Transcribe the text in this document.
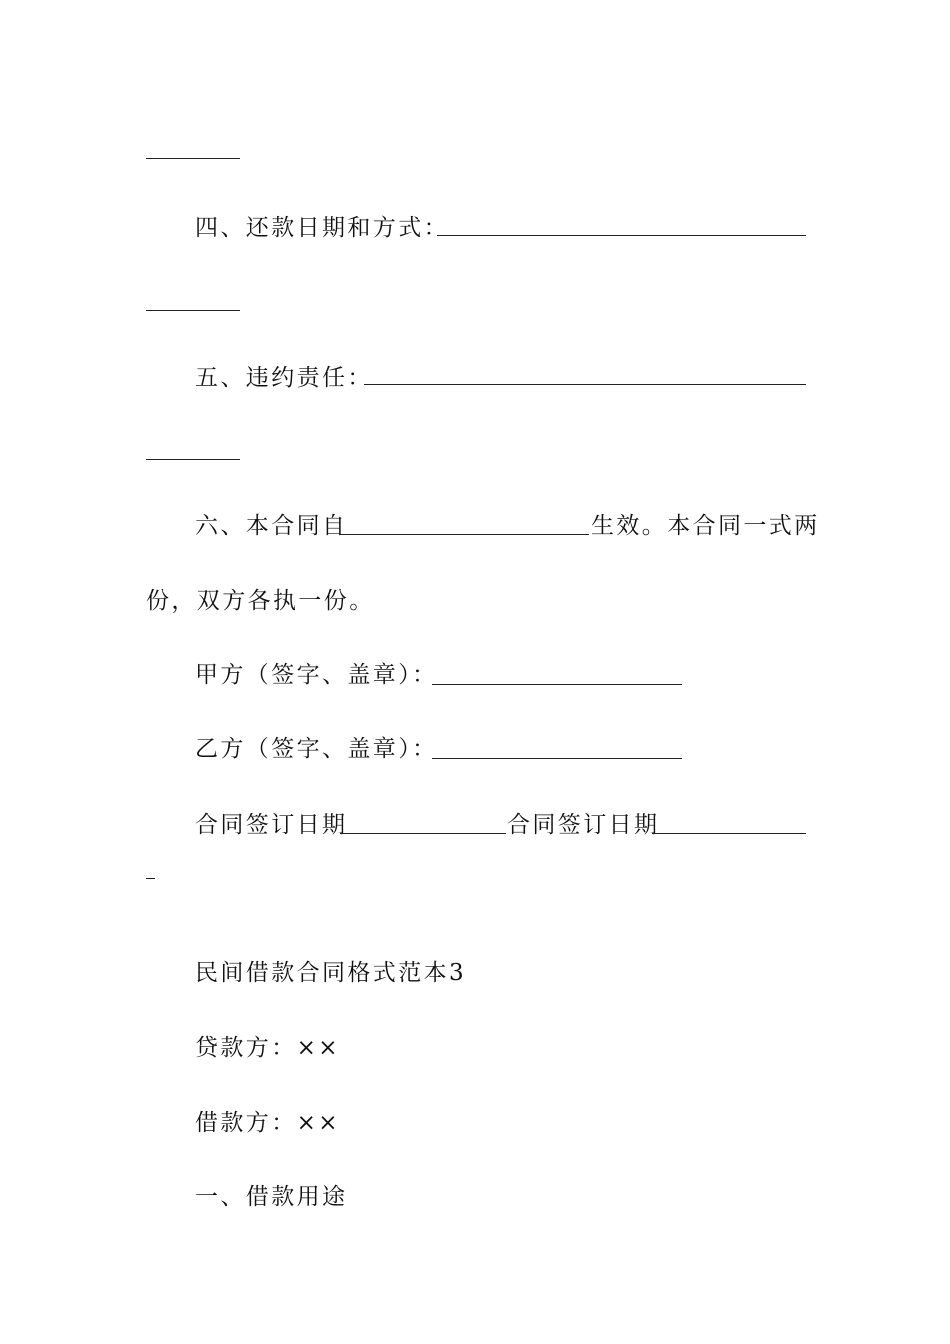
四、还款日期和方式：
五、违约责任：
六、本合同自	生效。本合同一式两
份，双方各执一份。
甲方（签字、盖章）：
乙方（签字、盖章）：
合同签订日期	合同签订日期
民间借款合同格式范本3
贷款方：××
借款方：××
一、借款用途
